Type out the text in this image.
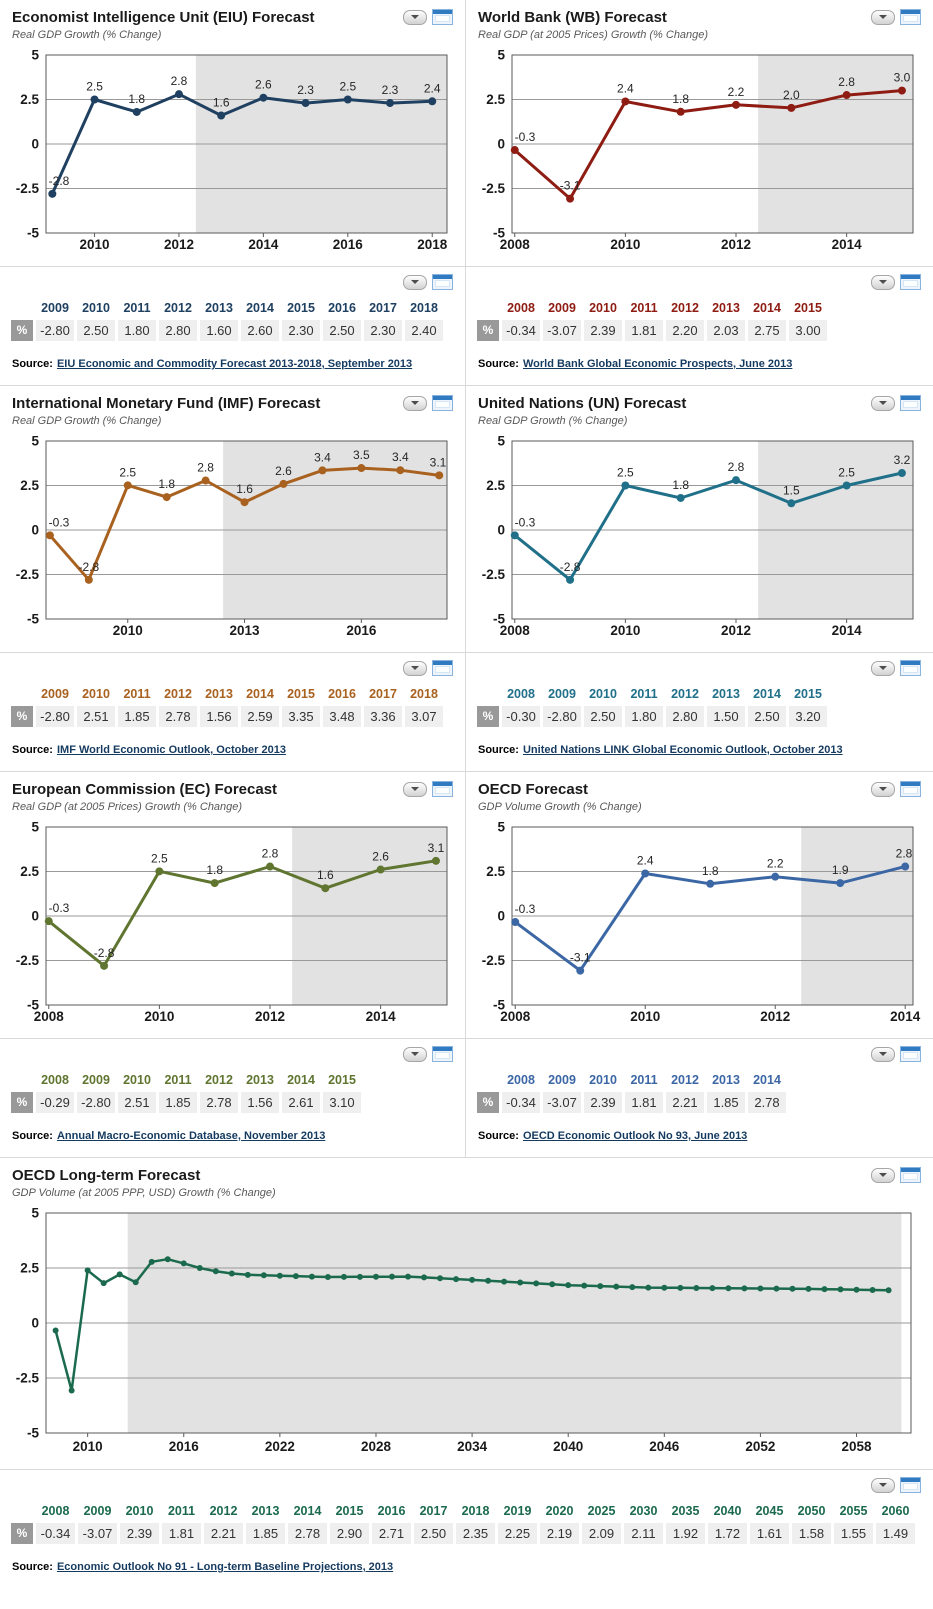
Economist Intelligence Unit (EIU) Forecast
Real GDP Growth (% Change)
5
2.5
0
-2.5
-5
2010	2012	2014	2016	2018
-2.8
2.5
1.8
2.8
1.6
2.6 2.3 2.5 2.3 2.4
2009	2010	2011	2012	2013	2014	2015	2016	2017	2018
% -2.80	2.50	1.80	2.80	1.60	2.60	2.30	2.50	2.30	2.40
Source: EIU Economic and Commodity Forecast 2013-2018, September 2013
World Bank (WB) Forecast
Real GDP (at 2005 Prices) Growth (% Change)
5
2.5
0
-2.5
-5
2008	2010	2012	2014
-0.3
-3.1
2.4
1.8	2.2	2.0
2.8	3.0
2008	2009	2010	2011	2012	2013	2014	2015
% -0.34 -3.07	2.39	1.81	2.20	2.03	2.75	3.00
Source: World Bank Global Economic Prospects, June 2013
International Monetary Fund (IMF) Forecast
Real GDP Growth (% Change)
5
2.5
0
-2.5
-5
2010	2013	2016
-0.3
-2.8
2.5
1.8
2.8
1.6
2.6
3.4 3.5 3.4 3.1
2009	2010	2011	2012	2013	2014	2015	2016	2017	2018
% -2.80	2.51	1.85	2.78	1.56	2.59	3.35	3.48	3.36	3.07
Source: IMF World Economic Outlook, October 2013
United Nations (UN) Forecast
Real GDP Growth (% Change)
5
2.5
0
-2.5
-5
2008	2010	2012	2014
-0.3
-2.8
2.5
1.8
2.8
1.5
2.5
3.2
2008	2009	2010	2011	2012	2013	2014	2015
% -0.30 -2.80	2.50	1.80	2.80	1.50	2.50	3.20
Source: United Nations LINK Global Economic Outlook, October 2013
European Commission (EC) Forecast
Real GDP (at 2005 Prices) Growth (% Change)
5
2.5
0
-2.5
-5
2008	2010	2012	2014
-0.3
-2.8
2.5
1.8
2.8
1.6
2.6
3.1
2008	2009	2010	2011	2012	2013	2014	2015
% -0.29 -2.80	2.51	1.85	2.78	1.56	2.61	3.10
Source: Annual Macro-Economic Database, November 2013
OECD Forecast
GDP Volume Growth (% Change)
5
2.5
0
-2.5
-5
2008	2010	2012	2014
-0.3
-3.1
2.4
1.8
2.2	1.9
2.8
2008	2009	2010	2011	2012	2013	2014
% -0.34 -3.07	2.39	1.81	2.21	1.85	2.78
Source: OECD Economic Outlook No 93, June 2013
OECD Long-term Forecast
GDP Volume (at 2005 PPP, USD) Growth (% Change)
5
2.5
0
-2.5
-5
2010	2016	2022	2028	2034	2040	2046	2052	2058
2008	2009	2010	2011	2012	2013	2014	2015	2016	2017	2018	2019	2020	2025	2030	2035	2040	2045	2050	2055	2060
%	-0.34 -3.07	2.39	1.81	2.21	1.85	2.78	2.90	2.71	2.50	2.35	2.25	2.19	2.09	2.11	1.92	1.72	1.61	1.58	1.55	1.49
Source: Economic Outlook No 91 - Long-term Baseline Projections, 2013
